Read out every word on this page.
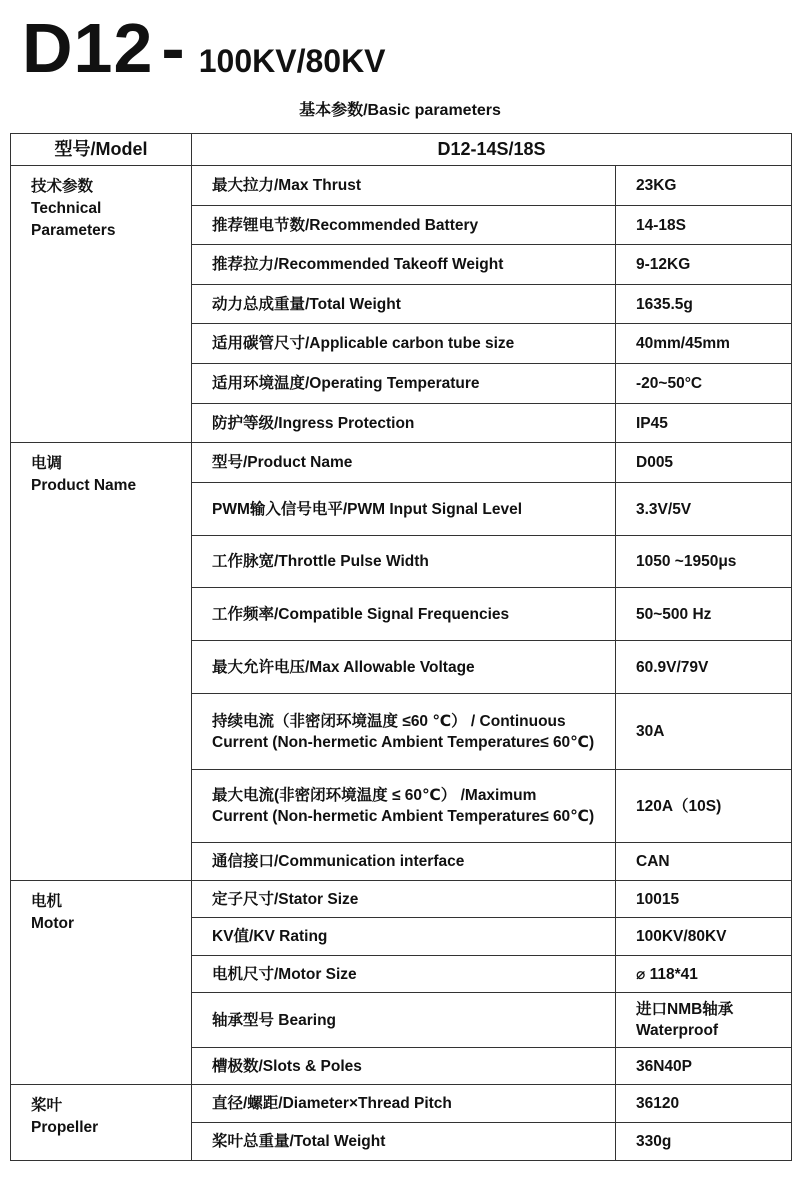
D12 - 100KV/80KV
基本参数/Basic parameters
型号/Model	D12-14S/18S	

技术参数
Technical Parameters	最大拉力/Max Thrust	23KG
	推荐锂电节数/Recommended Battery	14-18S
	推荐拉力/Recommended Takeoff Weight	9-12KG
	动力总成重量/Total Weight	1635.5g
	适用碳管尺寸/Applicable carbon tube size	40mm/45mm
	适用环境温度/Operating Temperature	-20~50°C
	防护等级/Ingress Protection	IP45

电调
Product Name	型号/Product Name	D005
	PWM输入信号电平/PWM Input Signal Level	3.3V/5V
	工作脉宽/Throttle Pulse Width	1050 ~1950μs
	工作频率/Compatible Signal Frequencies	50~500 Hz
	最大允许电压/Max Allowable Voltage	60.9V/79V
	持续电流（非密闭环境温度 ≤60 ℃） / Continuous Current (Non-hermetic Ambient Temperature≤ 60℃)	30A
	最大电流(非密闭环境温度 ≤ 60℃） /Maximum Current (Non-hermetic Ambient Temperature≤ 60℃)	120A（10S)
	通信接口/Communication interface	CAN

电机
Motor	定子尺寸/Stator Size	10015
	KV值/KV Rating	100KV/80KV
	电机尺寸/Motor Size	⌀ 118*41
	轴承型号 Bearing	进口NMB轴承 Waterproof
	槽极数/Slots & Poles	36N40P

桨叶
Propeller	直径/螺距/Diameter×Thread Pitch	36120
	桨叶总重量/Total Weight	330g
